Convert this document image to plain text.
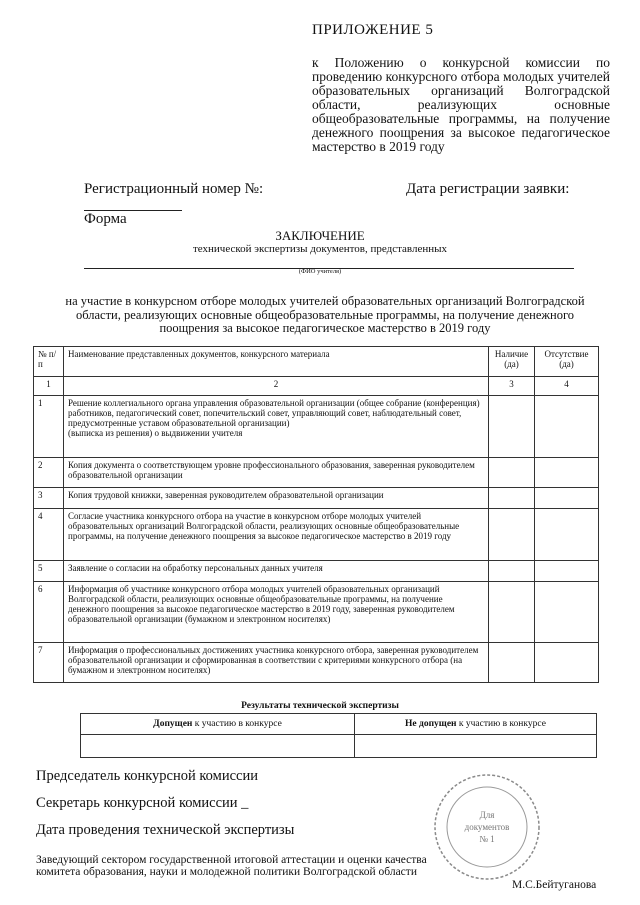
ПРИЛОЖЕНИЕ 5
к Положению о конкурсной комиссии по проведению конкурсного отбора молодых учителей образовательных организаций Волгоградской области, реализующих основные общеобразовательные программы, на получение денежного поощрения за высокое педагогическое мастерство в 2019 году
Регистрационный номер №:	Дата регистрации заявки:
Форма
ЗАКЛЮЧЕНИЕ
технической экспертизы документов, представленных
(ФИО учителя)
на участие в конкурсном отборе молодых учителей образовательных организаций Волгоградской области, реализующих основные общеобразовательные программы, на получение денежного поощрения за высокое педагогическое мастерство в 2019 году
№ п/п	Наименование представленных документов, конкурсного материала	Наличие (да)	Отсутствие (да)
1	2	3	4
1	Решение коллегиального органа управления образовательной организации (общее собрание (конференция) работников, педагогический совет, попечительский совет, управляющий совет, наблюдательный совет, предусмотренные уставом образовательной организации)
(выписка из решения) о выдвижении учителя		

2	Копия документа о соответствующем уровне профессионального образования, заверенная руководителем образовательной организации		
3	Копия трудовой книжки, заверенная руководителем образовательной организации		
4	Согласие участника конкурсного отбора на участие в конкурсном отборе молодых учителей образовательных организаций Волгоградской области, реализующих основные общеобразовательные программы, на получение денежного поощрения за высокое педагогическое мастерство в 2019 году		
5	Заявление о согласии на обработку персональных данных учителя		
6	Информация об участнике конкурсного отбора молодых учителей образовательных организаций Волгоградской области, реализующих основные общеобразовательные программы, на получение денежного поощрения за высокое педагогическое мастерство в 2019 году, заверенная руководителем образовательной организации (бумажном и электронном носителях)		
7	Информация о профессиональных достижениях участника конкурсного отбора, заверенная руководителем образовательной организации и сформированная в соответствии с критериями конкурсного отбора (на бумажном и электронном носителях)		
Результаты технической экспертизы
Допущен к участию в конкурсе	Не допущен к участию в конкурсе

Председатель конкурсной комиссии
Секретарь конкурсной комиссии _
Дата проведения технической экспертизы
Заведующий сектором государственной итоговой аттестации и оценки качества комитета образования, науки и молодежной политики Волгоградской области
М.С.Бейтуганова
Для
документов
№ 1
